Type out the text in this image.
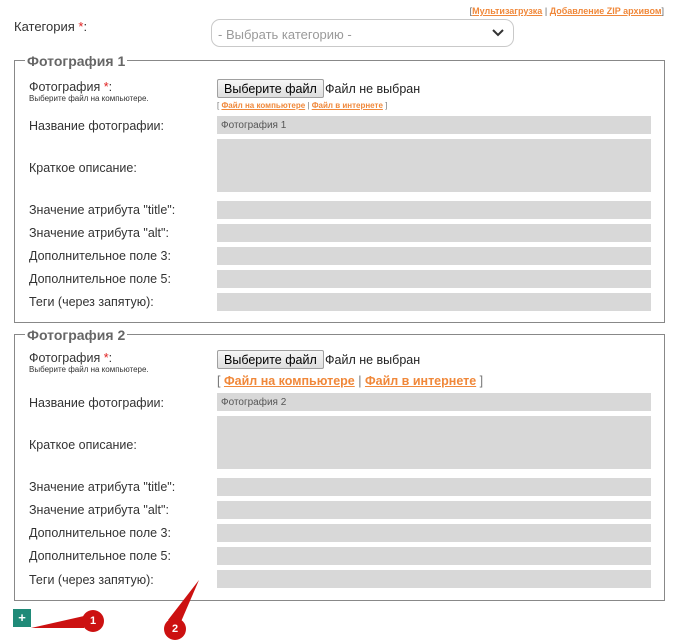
[Мультизагрузка | Добавление ZIP архивом]
Категория *:
- Выбрать категорию -
Фотография 1
Фотография *:
Выберите файл на компьютере.
Выберите файл Файл не выбран
[ Файл на компьютере | Файл в интернете ]
Название фотографии:
Фотография 1
Краткое описание:
Значение атрибута "title":
Значение атрибута "alt":
Дополнительное поле 3:
Дополнительное поле 5:
Теги (через запятую):
Фотография 2
Фотография *:
Выберите файл на компьютере.
Выберите файл Файл не выбран
[ Файл на компьютере | Файл в интернете ]
Название фотографии:
Фотография 2
Краткое описание:
Значение атрибута "title":
Значение атрибута "alt":
Дополнительное поле 3:
Дополнительное поле 5:
Теги (через запятую):
+	1
2
